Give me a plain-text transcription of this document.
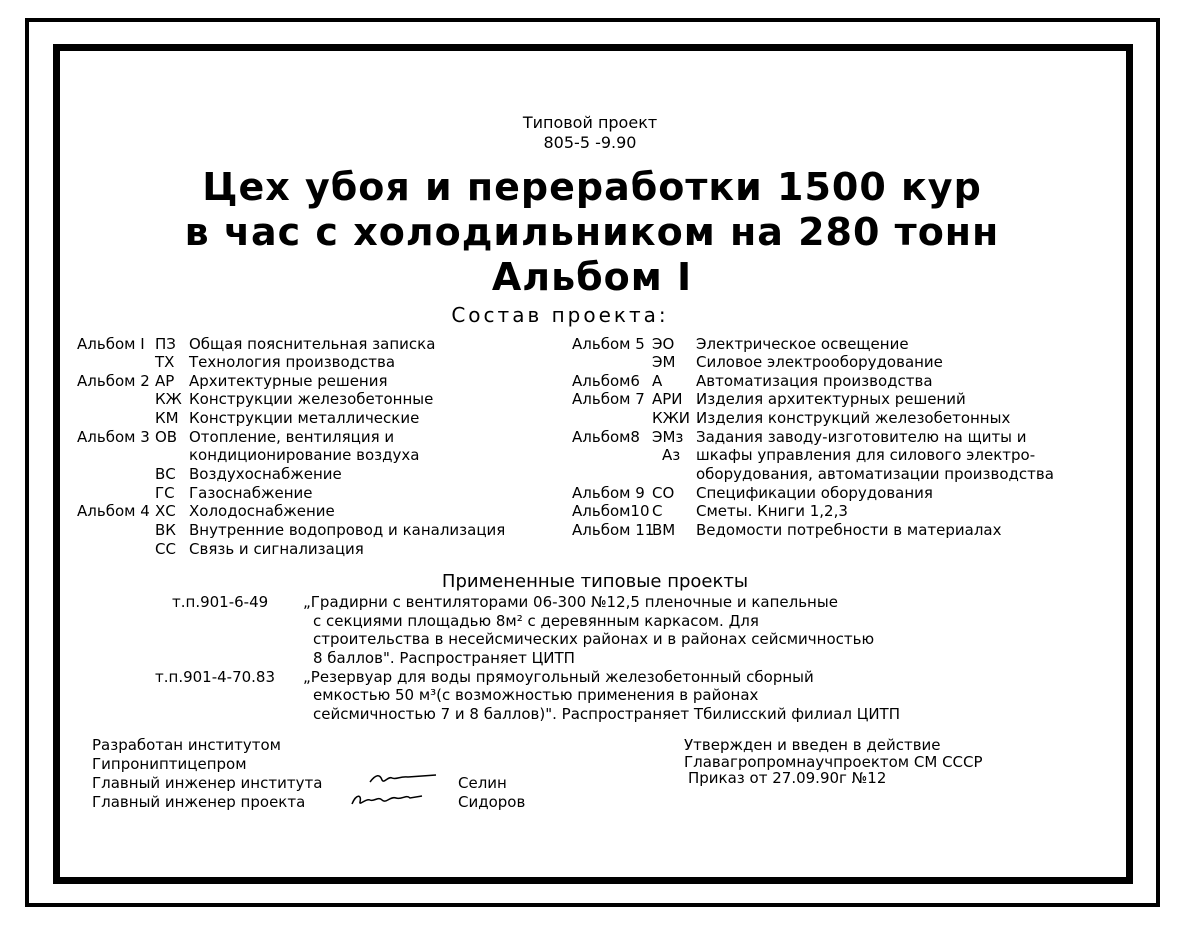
Типовой проект
805-5 -9.90
Цех убоя и переработки 1500 кур
в час с холодильником на 280 тонн
Альбом I
Состав проекта:
Альбом I ПЗ Общая пояснительная записка
ТХ Технология производства
Альбом 2 АР Архитектурные решения
КЖ Конструкции железобетонные
КМ Конструкции металлические
Альбом 3 ОВ Отопление, вентиляция и
кондиционирование воздуха
ВС Воздухоснабжение
ГС Газоснабжение
Альбом 4 ХС Холодоснабжение
ВК Внутренние водопровод и канализация
СС Связь и сигнализация
Альбом 5 ЭО Электрическое освещение
ЭМ Силовое электрооборудование
Альбом6 А Автоматизация производства
Альбом 7 АРИ Изделия архитектурных решений
КЖИ Изделия конструкций железобетонных
Альбом8 ЭМз Задания заводу-изготовителю на щиты и
Аз шкафы управления для силового электро-
оборудования, автоматизации производства
Альбом 9 СО Спецификации оборудования
Альбом10 С Сметы. Книги 1,2,3
Альбом 11
ВМ Ведомости потребности в материалах
Примененные типовые проекты
т.п.901-6-49 „Градирни с вентиляторами 06-300 №12,5 пленочные и капельные
с секциями площадью 8м² с деревянным каркасом. Для
строительства в несейсмических районах и в районах сейсмичностью
8 баллов". Распространяет ЦИТП
т.п.901-4-70.83 „Резервуар для воды прямоугольный железобетонный сборный
емкостью 50 м³(с возможностью применения в районах
сейсмичностью 7 и 8 баллов)". Распространяет Тбилисский филиал ЦИТП
Разработан институтом
Гипрониптицепром
Главный инженер института	Селин
Главный инженер проекта	Сидоров
Утвержден и введен в действие
Главагропромнаучпроектом СМ СССР
Приказ от 27.09.90г №12
